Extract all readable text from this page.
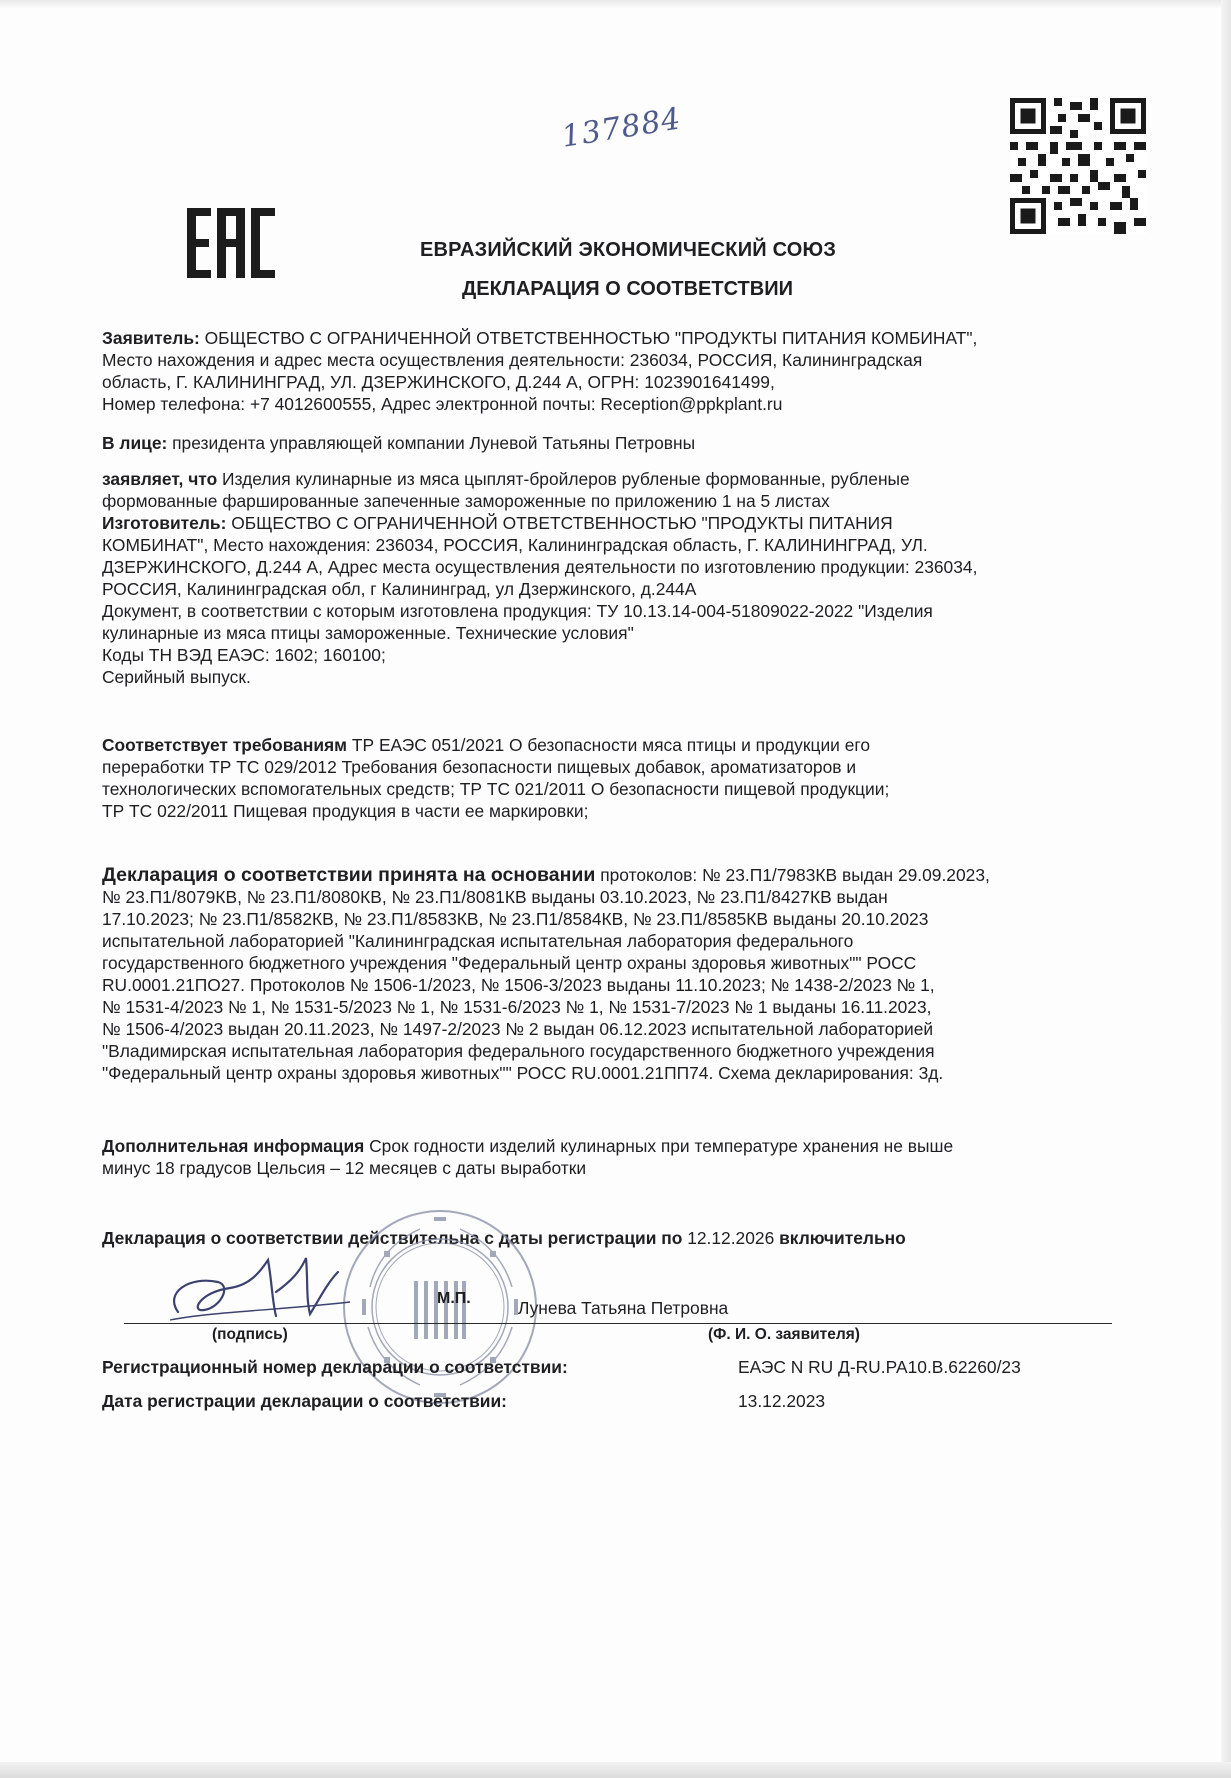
137884
ЕВРАЗИЙСКИЙ ЭКОНОМИЧЕСКИЙ СОЮЗ
ДЕКЛАРАЦИЯ О СООТВЕТСТВИИ
Заявитель: ОБЩЕСТВО С ОГРАНИЧЕННОЙ ОТВЕТСТВЕННОСТЬЮ "ПРОДУКТЫ ПИТАНИЯ КОМБИНАТ",
Место нахождения и адрес места осуществления деятельности: 236034, РОССИЯ, Калининградская
область, Г. КАЛИНИНГРАД, УЛ. ДЗЕРЖИНСКОГО, Д.244 А, ОГРН: 1023901641499,
Номер телефона: +7 4012600555, Адрес электронной почты: Reception@ppkplant.ru
В лице: президента управляющей компании Луневой Татьяны Петровны
заявляет, что Изделия кулинарные из мяса цыплят-бройлеров рубленые формованные, рубленые
формованные фаршированные запеченные замороженные по приложению 1 на 5 листах
Изготовитель: ОБЩЕСТВО С ОГРАНИЧЕННОЙ ОТВЕТСТВЕННОСТЬЮ "ПРОДУКТЫ ПИТАНИЯ
КОМБИНАТ", Место нахождения: 236034, РОССИЯ, Калининградская область, Г. КАЛИНИНГРАД, УЛ.
ДЗЕРЖИНСКОГО, Д.244 А, Адрес места осуществления деятельности по изготовлению продукции: 236034,
РОССИЯ, Калининградская обл, г Калининград, ул Дзержинского, д.244А
Документ, в соответствии с которым изготовлена продукция: ТУ 10.13.14-004-51809022-2022 "Изделия
кулинарные из мяса птицы замороженные. Технические условия"
Коды ТН ВЭД ЕАЭС: 1602; 160100;
Серийный выпуск.
Соответствует требованиям ТР ЕАЭС 051/2021 О безопасности мяса птицы и продукции его
переработки ТР ТС 029/2012 Требования безопасности пищевых добавок, ароматизаторов и
технологических вспомогательных средств; ТР ТС 021/2011 О безопасности пищевой продукции;
ТР ТС 022/2011 Пищевая продукция в части ее маркировки;
Декларация о соответствии принята на основании протоколов: № 23.П1/7983КВ выдан 29.09.2023,
№ 23.П1/8079КВ, № 23.П1/8080КВ, № 23.П1/8081КВ выданы 03.10.2023, № 23.П1/8427КВ выдан
17.10.2023; № 23.П1/8582КВ, № 23.П1/8583КВ, № 23.П1/8584КВ, № 23.П1/8585КВ выданы 20.10.2023
испытательной лабораторией "Калининградская испытательная лаборатория федерального
государственного бюджетного учреждения "Федеральный центр охраны здоровья животных"" РОСС
RU.0001.21ПО27. Протоколов № 1506-1/2023, № 1506-3/2023 выданы 11.10.2023; № 1438-2/2023 № 1,
№ 1531-4/2023 № 1, № 1531-5/2023 № 1, № 1531-6/2023 № 1, № 1531-7/2023 № 1 выданы 16.11.2023,
№ 1506-4/2023 выдан 20.11.2023, № 1497-2/2023 № 2 выдан 06.12.2023 испытательной лабораторией
"Владимирская испытательная лаборатория федерального государственного бюджетного учреждения
"Федеральный центр охраны здоровья животных"" РОСС RU.0001.21ПП74. Схема декларирования: 3д.
Дополнительная информация Срок годности изделий кулинарных при температуре хранения не выше
минус 18 градусов Цельсия – 12 месяцев с даты выработки
Декларация о соответствии действительна с даты регистрации по 12.12.2026 включительно
М.П.	Лунева Татьяна Петровна
(подпись)	(Ф. И. О. заявителя)
Регистрационный номер декларации о соответствии:	ЕАЭС N RU Д-RU.РА10.В.62260/23
Дата регистрации декларации о соответствии:	13.12.2023
